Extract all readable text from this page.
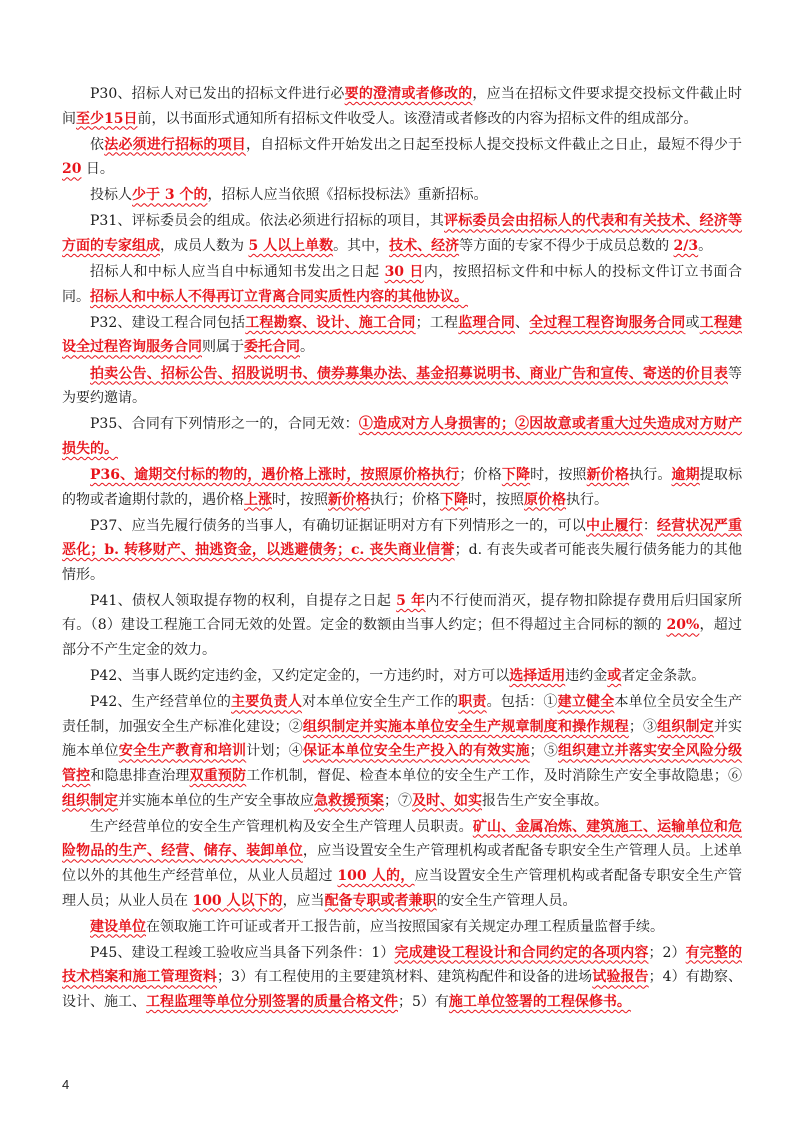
P30、招标人对已发出的招标文件进行必要的澄清或者修改的，应当在招标文件要求提交投标文件截止时间至少15日前，以书面形式通知所有招标文件收受人。该澄清或者修改的内容为招标文件的组成部分。

依法必须进行招标的项目，自招标文件开始发出之日起至投标人提交投标文件截止之日止，最短不得少于 20 日。

投标人少于 3 个的，招标人应当依照《招标投标法》重新招标。

P31、评标委员会的组成。依法必须进行招标的项目，其评标委员会由招标人的代表和有关技术、经济等方面的专家组成，成员人数为 5 人以上单数。其中，技术、经济等方面的专家不得少于成员总数的 2/3。

招标人和中标人应当自中标通知书发出之日起 30 日内，按照招标文件和中标人的投标文件订立书面合同。招标人和中标人不得再订立背离合同实质性内容的其他协议。

P32、建设工程合同包括工程勘察、设计、施工合同；工程监理合同、全过程工程咨询服务合同或工程建设全过程咨询服务合同则属于委托合同。

拍卖公告、招标公告、招股说明书、债券募集办法、基金招募说明书、商业广告和宣传、寄送的价目表等为要约邀请。

P35、合同有下列情形之一的，合同无效：①造成对方人身损害的；②因故意或者重大过失造成对方财产损失的。

P36、逾期交付标的物的，遇价格上涨时，按照原价格执行；价格下降时，按照新价格执行。逾期提取标的物或者逾期付款的，遇价格上涨时，按照新价格执行；价格下降时，按照原价格执行。

P37、应当先履行债务的当事人，有确切证据证明对方有下列情形之一的，可以中止履行：经营状况严重恶化；b. 转移财产、抽逃资金，以逃避债务；c. 丧失商业信誉；d. 有丧失或者可能丧失履行债务能力的其他情形。

P41、债权人领取提存物的权利，自提存之日起 5 年内不行使而消灭，提存物扣除提存费用后归国家所有。（8）建设工程施工合同无效的处置。定金的数额由当事人约定；但不得超过主合同标的额的 20%，超过部分不产生定金的效力。

P42、当事人既约定违约金，又约定定金的，一方违约时，对方可以选择适用违约金或者定金条款。

P42、生产经营单位的主要负责人对本单位安全生产工作的职责。包括：①建立健全本单位全员安全生产责任制，加强安全生产标准化建设；②组织制定并实施本单位安全生产规章制度和操作规程；③组织制定并实施本单位安全生产教育和培训计划；④保证本单位安全生产投入的有效实施；⑤组织建立并落实安全风险分级管控和隐患排查治理双重预防工作机制，督促、检查本单位的安全生产工作，及时消除生产安全事故隐患；⑥组织制定并实施本单位的生产安全事故应急救援预案；⑦及时、如实报告生产安全事故。

生产经营单位的安全生产管理机构及安全生产管理人员职责。矿山、金属冶炼、建筑施工、运输单位和危险物品的生产、经营、储存、装卸单位，应当设置安全生产管理机构或者配备专职安全生产管理人员。上述单位以外的其他生产经营单位，从业人员超过 100 人的，应当设置安全生产管理机构或者配备专职安全生产管理人员；从业人员在 100 人以下的，应当配备专职或者兼职的安全生产管理人员。

建设单位在领取施工许可证或者开工报告前，应当按照国家有关规定办理工程质量监督手续。

P45、建设工程竣工验收应当具备下列条件：1）完成建设工程设计和合同约定的各项内容；2）有完整的技术档案和施工管理资料；3）有工程使用的主要建筑材料、建筑构配件和设备的进场试验报告；4）有勘察、设计、施工、工程监理等单位分别签署的质量合格文件；5）有施工单位签署的工程保修书。

4
